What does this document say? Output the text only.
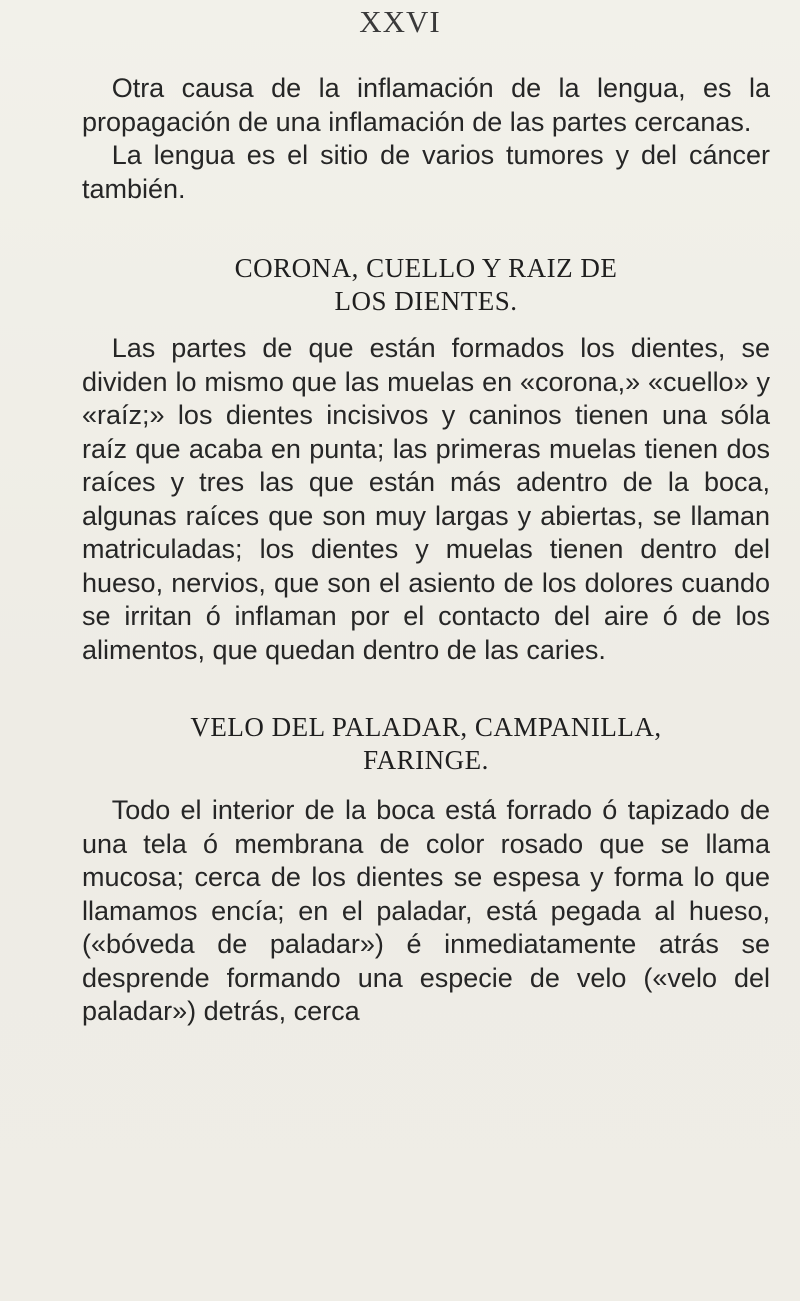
XXVI

Otra causa de la inflamación de la lengua, es la propagación de una inflamación de las partes cercanas.

La lengua es el sitio de varios tumores y del cáncer también.

CORONA, CUELLO Y RAIZ DE
LOS DIENTES.

Las partes de que están formados los dientes, se dividen lo mismo que las muelas en «corona,» «cuello» y «raíz;» los dientes incisivos y caninos tienen una sóla raíz que acaba en punta; las primeras muelas tienen dos raíces y tres las que están más adentro de la boca, algunas raíces que son muy largas y abiertas, se llaman matriculadas; los dientes y muelas tienen dentro del hueso, nervios, que son el asiento de los dolores cuando se irritan ó inflaman por el contacto del aire ó de los alimentos, que quedan dentro de las caries.

VELO DEL PALADAR, CAMPANILLA,
FARINGE.

Todo el interior de la boca está forrado ó tapizado de una tela ó membrana de color rosado que se llama mucosa; cerca de los dientes se espesa y forma lo que llamamos encía; en el paladar, está pegada al hueso, («bóveda de paladar») é inmediatamente atrás se desprende formando una especie de velo («velo del paladar») detrás, cerca
